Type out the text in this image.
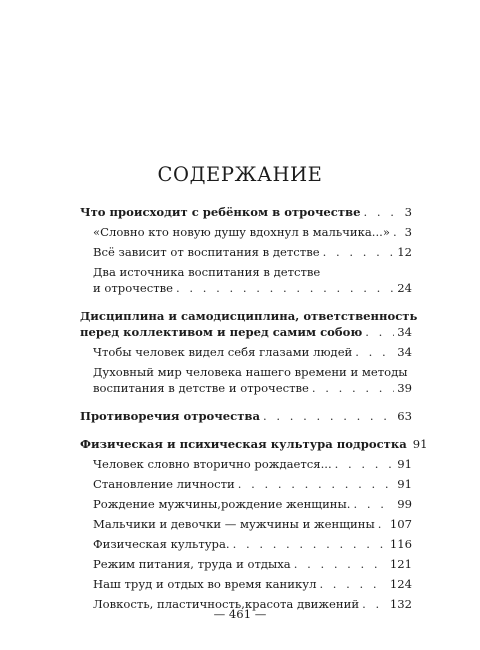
СОДЕРЖАНИЕ
Что происходит с ребёнком в отрочестве . . .	3
«Словно кто новую душу вдохнул в мальчика...» . . . 3
Всё зависит от воспитания в детстве . . .	12
Два источника воспитания в детстве
и отрочестве . . .	24
Дисциплина и самодисциплина, ответственность
перед коллективом и перед самим собою . . .	34
Чтобы человек видел себя глазами людей . . .	34
Духовный мир человека нашего времени и методы
воспитания в детстве и отрочестве . . .	39
Противоречия отрочества . . .	63
Физическая и психическая культура подростка 91
Человек словно вторично рождается... . . .	91
Становление личности . . .	91
Рождение мужчины,рождение женщины. . . .	99
Мальчики и девочки — мужчины и женщины . . . 107
Физическая культура. . . .	116
Режим питания, труда и отдыха . . .	121
Наш труд и отдых во время каникул . . .	124
Ловкость, пластичность,красота движений . . .	132
— 461 —
